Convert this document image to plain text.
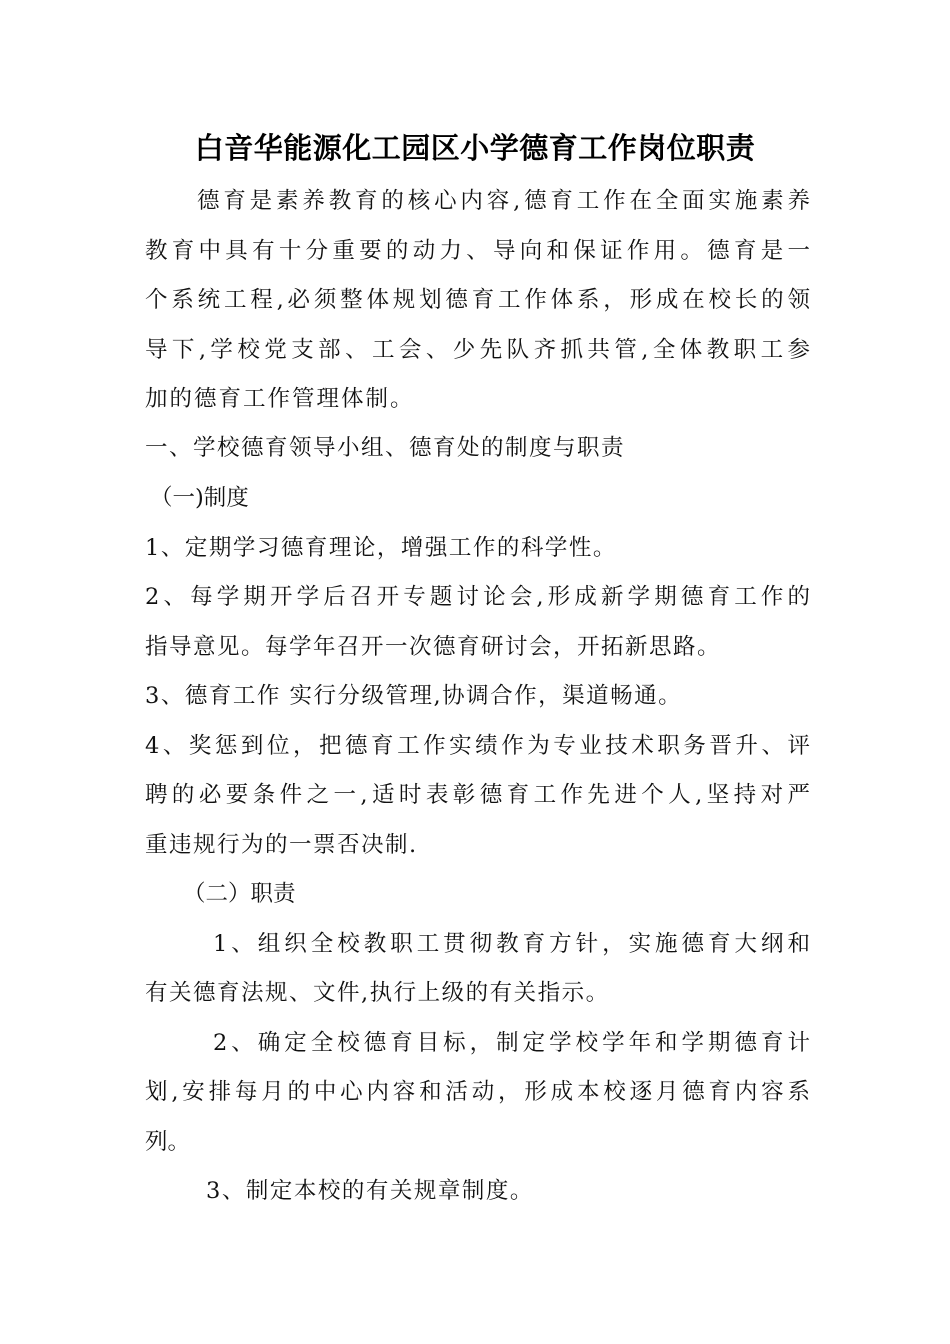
白音华能源化工园区小学德育工作岗位职责
德育是素养教育的核心内容,德育工作在全面实施素养
教育中具有十分重要的动力、导向和保证作用。德育是一
个系统工程,必须整体规划德育工作体系，形成在校长的领
导下,学校党支部、工会、少先队齐抓共管,全体教职工参
加的德育工作管理体制。
一、学校德育领导小组、德育处的制度与职责
（一)制度
1、定期学习德育理论，增强工作的科学性。
2、每学期开学后召开专题讨论会,形成新学期德育工作的
指导意见。每学年召开一次德育研讨会，开拓新思路。
3、德育工作 实行分级管理,协调合作，渠道畅通。
4、奖惩到位，把德育工作实绩作为专业技术职务晋升、评
聘的必要条件之一,适时表彰德育工作先进个人,坚持对严
重违规行为的一票否决制.
（二）职责
1、组织全校教职工贯彻教育方针，实施德育大纲和
有关德育法规、文件,执行上级的有关指示。
2、确定全校德育目标，制定学校学年和学期德育计
划,安排每月的中心内容和活动，形成本校逐月德育内容系
列。
3、制定本校的有关规章制度。
